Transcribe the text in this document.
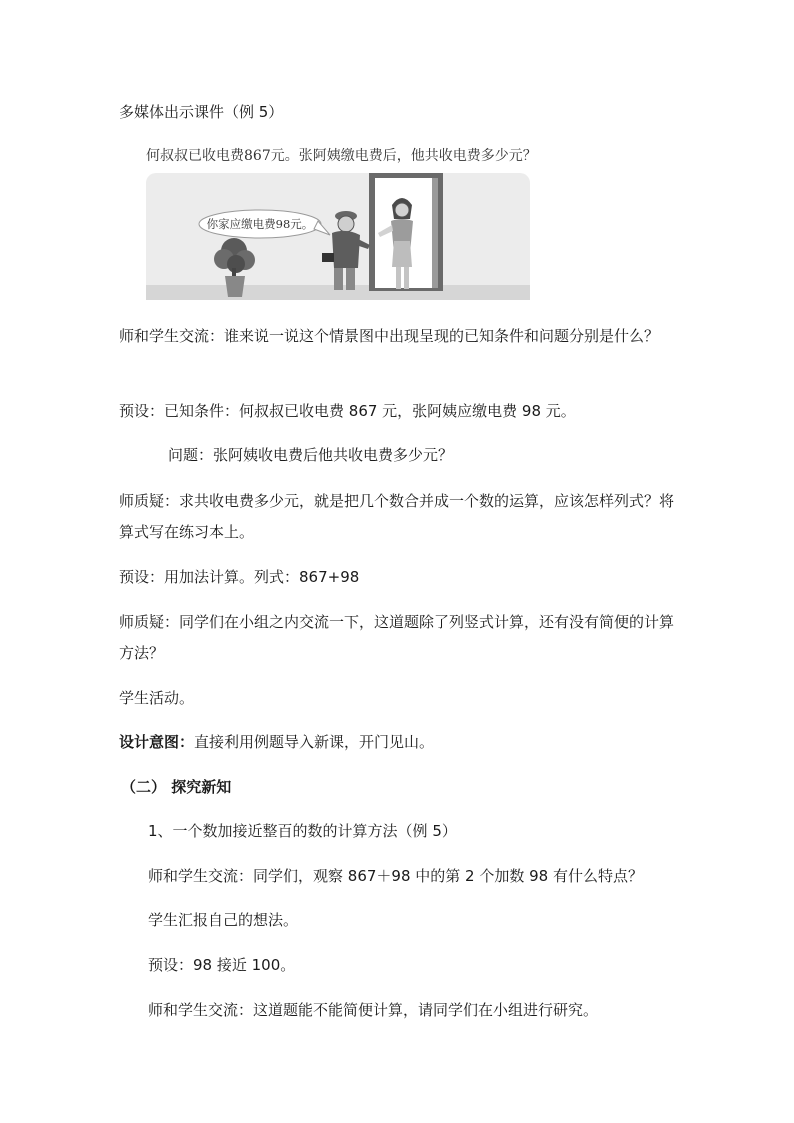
多媒体出示课件（例 5）
何叔叔已收电费867元。张阿姨缴电费后，他共收电费多少元？
你家应缴电费98元。
师和学生交流：谁来说一说这个情景图中出现呈现的已知条件和问题分别是什么？
预设：已知条件：何叔叔已收电费 867 元，张阿姨应缴电费 98 元。
问题：张阿姨收电费后他共收电费多少元？
师质疑：求共收电费多少元，就是把几个数合并成一个数的运算，应该怎样列式？将算式写在练习本上。
预设：用加法计算。列式：867+98
师质疑：同学们在小组之内交流一下，这道题除了列竖式计算，还有没有简便的计算方法？
学生活动。
设计意图：直接利用例题导入新课，开门见山。
（二） 探究新知
1、一个数加接近整百的数的计算方法（例 5）
师和学生交流：同学们，观察 867＋98 中的第 2 个加数 98 有什么特点？
学生汇报自己的想法。
预设：98 接近 100。
师和学生交流：这道题能不能简便计算，请同学们在小组进行研究。
